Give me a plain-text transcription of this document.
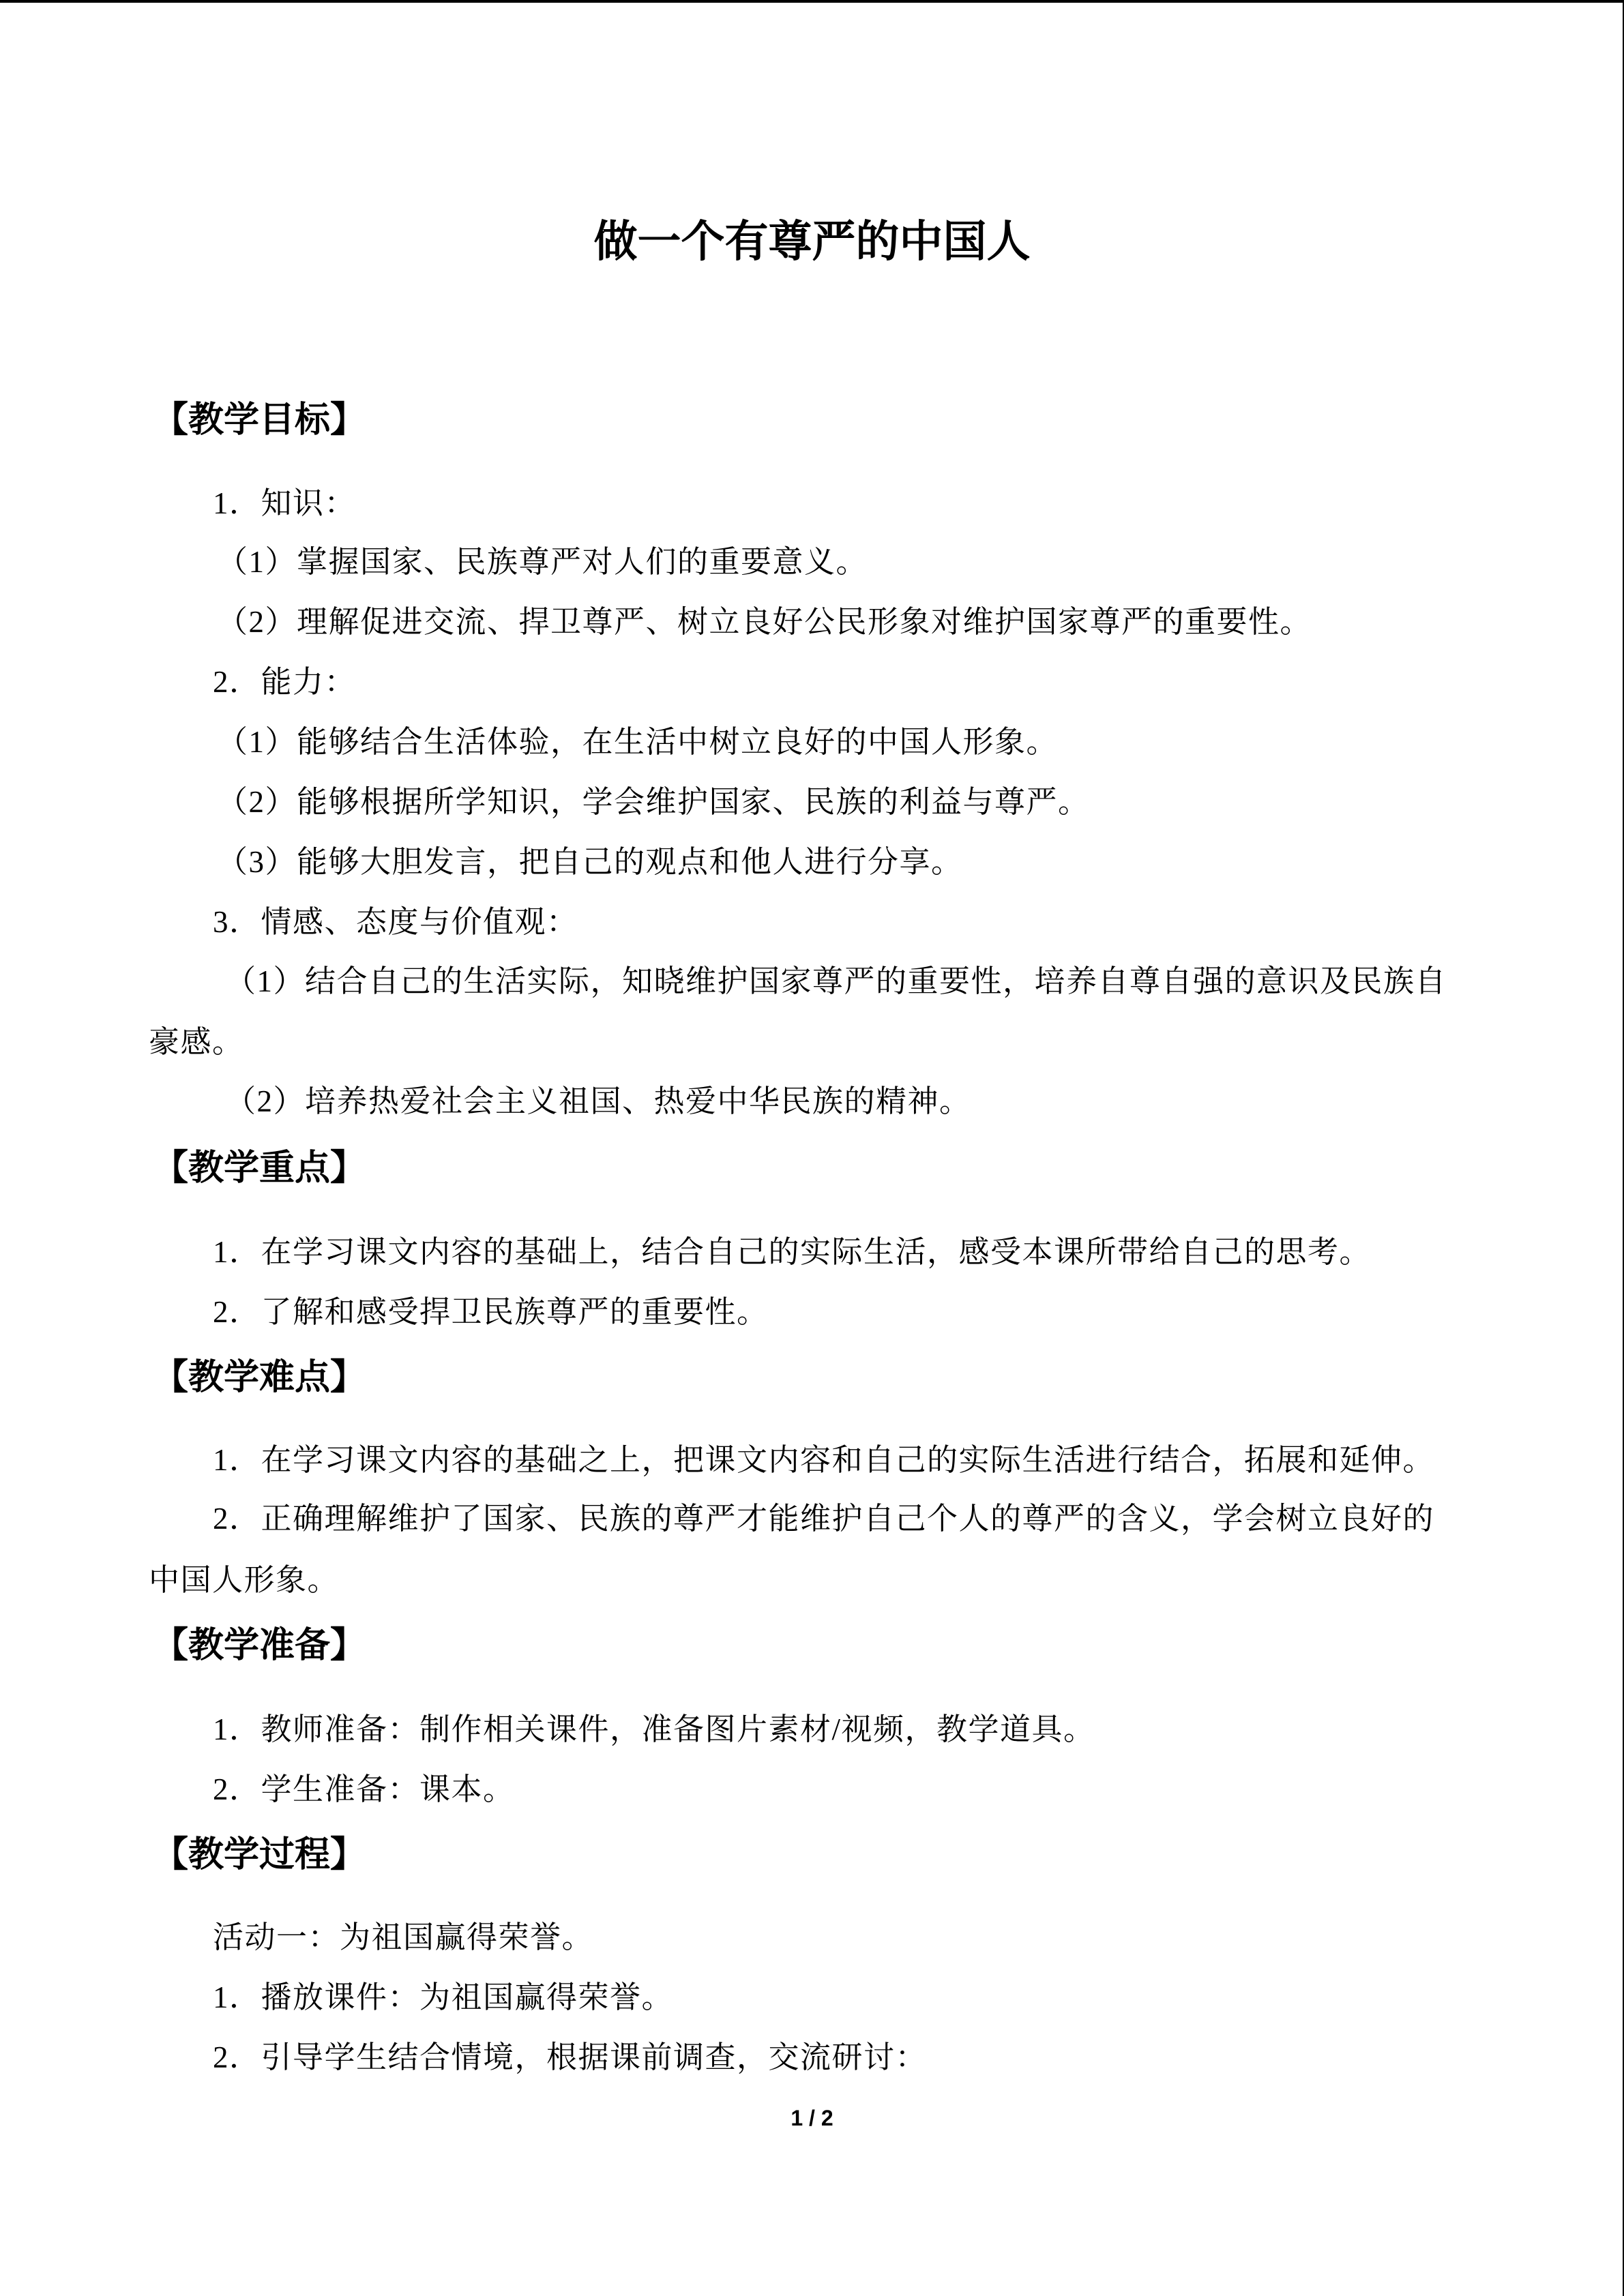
做一个有尊严的中国人
【教学目标】
1．知识：
（1）掌握国家、民族尊严对人们的重要意义。
（2）理解促进交流、捍卫尊严、树立良好公民形象对维护国家尊严的重要性。
2．能力：
（1）能够结合生活体验，在生活中树立良好的中国人形象。
（2）能够根据所学知识，学会维护国家、民族的利益与尊严。
（3）能够大胆发言，把自己的观点和他人进行分享。
3．情感、态度与价值观：
（1）结合自己的生活实际，知晓维护国家尊严的重要性，培养自尊自强的意识及民族自
豪感。
（2）培养热爱社会主义祖国、热爱中华民族的精神。
【教学重点】
1．在学习课文内容的基础上，结合自己的实际生活，感受本课所带给自己的思考。
2．了解和感受捍卫民族尊严的重要性。
【教学难点】
1．在学习课文内容的基础之上，把课文内容和自己的实际生活进行结合，拓展和延伸。
2．正确理解维护了国家、民族的尊严才能维护自己个人的尊严的含义，学会树立良好的
中国人形象。
【教学准备】
1．教师准备：制作相关课件，准备图片素材/视频，教学道具。
2．学生准备：课本。
【教学过程】
活动一：为祖国赢得荣誉。
1．播放课件：为祖国赢得荣誉。
2．引导学生结合情境，根据课前调查，交流研讨：
1 / 2
